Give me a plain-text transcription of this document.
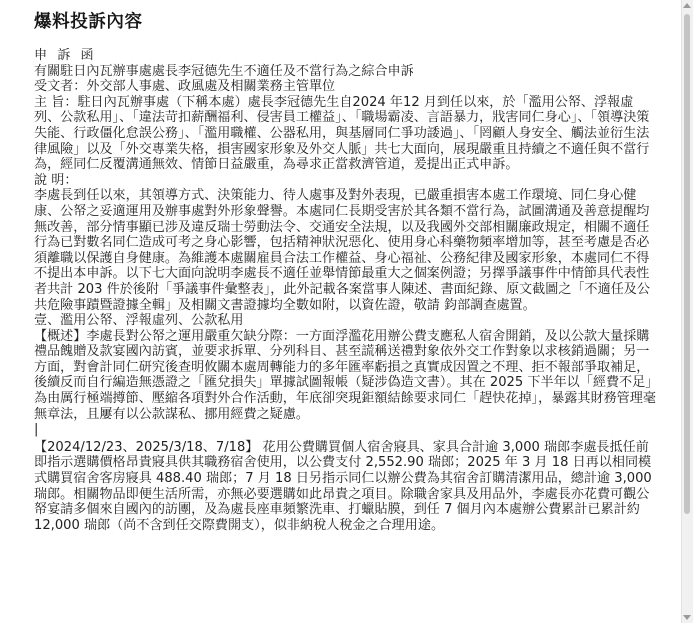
爆料投訴內容

申 訴 函

有關駐日內瓦辦事處處長李冠德先生不適任及不當行為之綜合申訴

受文者：外交部人事處、政風處及相關業務主管單位

主 旨：駐日內瓦辦事處（下稱本處）處長李冠德先生自2024 年12 月到任以來，於「濫用公帑、浮報虛列、公款私用」、「違法苛扣薪酬福利、侵害員工權益」、「職場霸凌、言語暴力，戕害同仁身心」、「領導決策失能、行政僵化怠誤公務」、「濫用職權、公器私用，與基層同仁爭功諉過」、「罔顧人身安全、觸法並衍生法律風險」以及「外交專業失格，損害國家形象及外交人脈」共七大面向，展現嚴重且持續之不適任與不當行為，經同仁反覆溝通無效、情節日益嚴重，為尋求正當救濟管道，爰提出正式申訴。

說 明：

李處長到任以來，其領導方式、決策能力、待人處事及對外表現，已嚴重損害本處工作環境、同仁身心健康、公帑之妥適運用及辦事處對外形象聲譽。本處同仁長期受害於其各類不當行為，試圖溝通及善意提醒均無改善，部分情事顯已涉及違反瑞士勞動法令、交通安全法規，以及我國外交部相關廉政規定，相關不適任行為已對數名同仁造成可考之身心影響，包括精神狀況惡化、使用身心科藥物頻率增加等，甚至考慮是否必須離職以保護自身健康。為維護本處關雇員合法工作權益、身心福祉、公務紀律及國家形象，本處同仁不得不提出本申訴。以下七大面向說明李處長不適任並舉情節最重大之個案例證；另擇爭議事件中情節具代表性者共計 203 件於後附「爭議事件彙整表」，此外記載各案當事人陳述、書面紀錄、原文截圖之「不適任及公共危險事蹟暨證據全輯」及相關文書證據均全數如附，以資佐證，敬請 鈞部調查處置。

壹、濫用公帑、浮報虛列、公款私用

【概述】李處長對公帑之運用嚴重欠缺分際：一方面浮濫花用辦公費支應私人宿舍開銷，及以公款大量採購禮品餽贈及款宴國內訪賓，並要求拆單、分列科目、甚至謊稱送禮對象依外交工作對象以求核銷過關；另一方面，對會計同仁研究後查明攸關本處周轉能力的多年匯率虧損之真實成因置之不理、拒不報部爭取補足，後續反而自行編造無憑證之「匯兌損失」單據試圖報帳（疑涉偽造文書）。其在 2025 下半年以「經費不足」為由厲行極端撙節、壓縮各項對外合作活動，年底卻突現鉅額結餘要求同仁「趕快花掉」，暴露其財務管理毫無章法，且屢有以公款謀私、挪用經費之疑慮。

|

【2024/12/23、2025/3/18、7/18】 花用公費購買個人宿舍寢具、家具合計逾 3,000 瑞郎李處長抵任前即指示選購價格昂貴寢具供其職務宿舍使用，以公費支付 2,552.90 瑞郎；2025 年 3 月 18 日再以相同模式購買宿舍客房寢具 488.40 瑞郎；7 月 18 日另指示同仁以辦公費為其宿舍訂購清潔用品，總計逾 3,000 瑞郎。相關物品即便生活所需，亦無必要選購如此昂貴之項目。除職舍家具及用品外，李處長亦花費可觀公帑宴請多個來自國內的訪團，及為處長座車頻繁洗車、打蠟貼膜，到任 7 個月內本處辦公費累計已累計約12,000 瑞郎（尚不含到任交際費開支），似非納稅人稅金之合理用途。
